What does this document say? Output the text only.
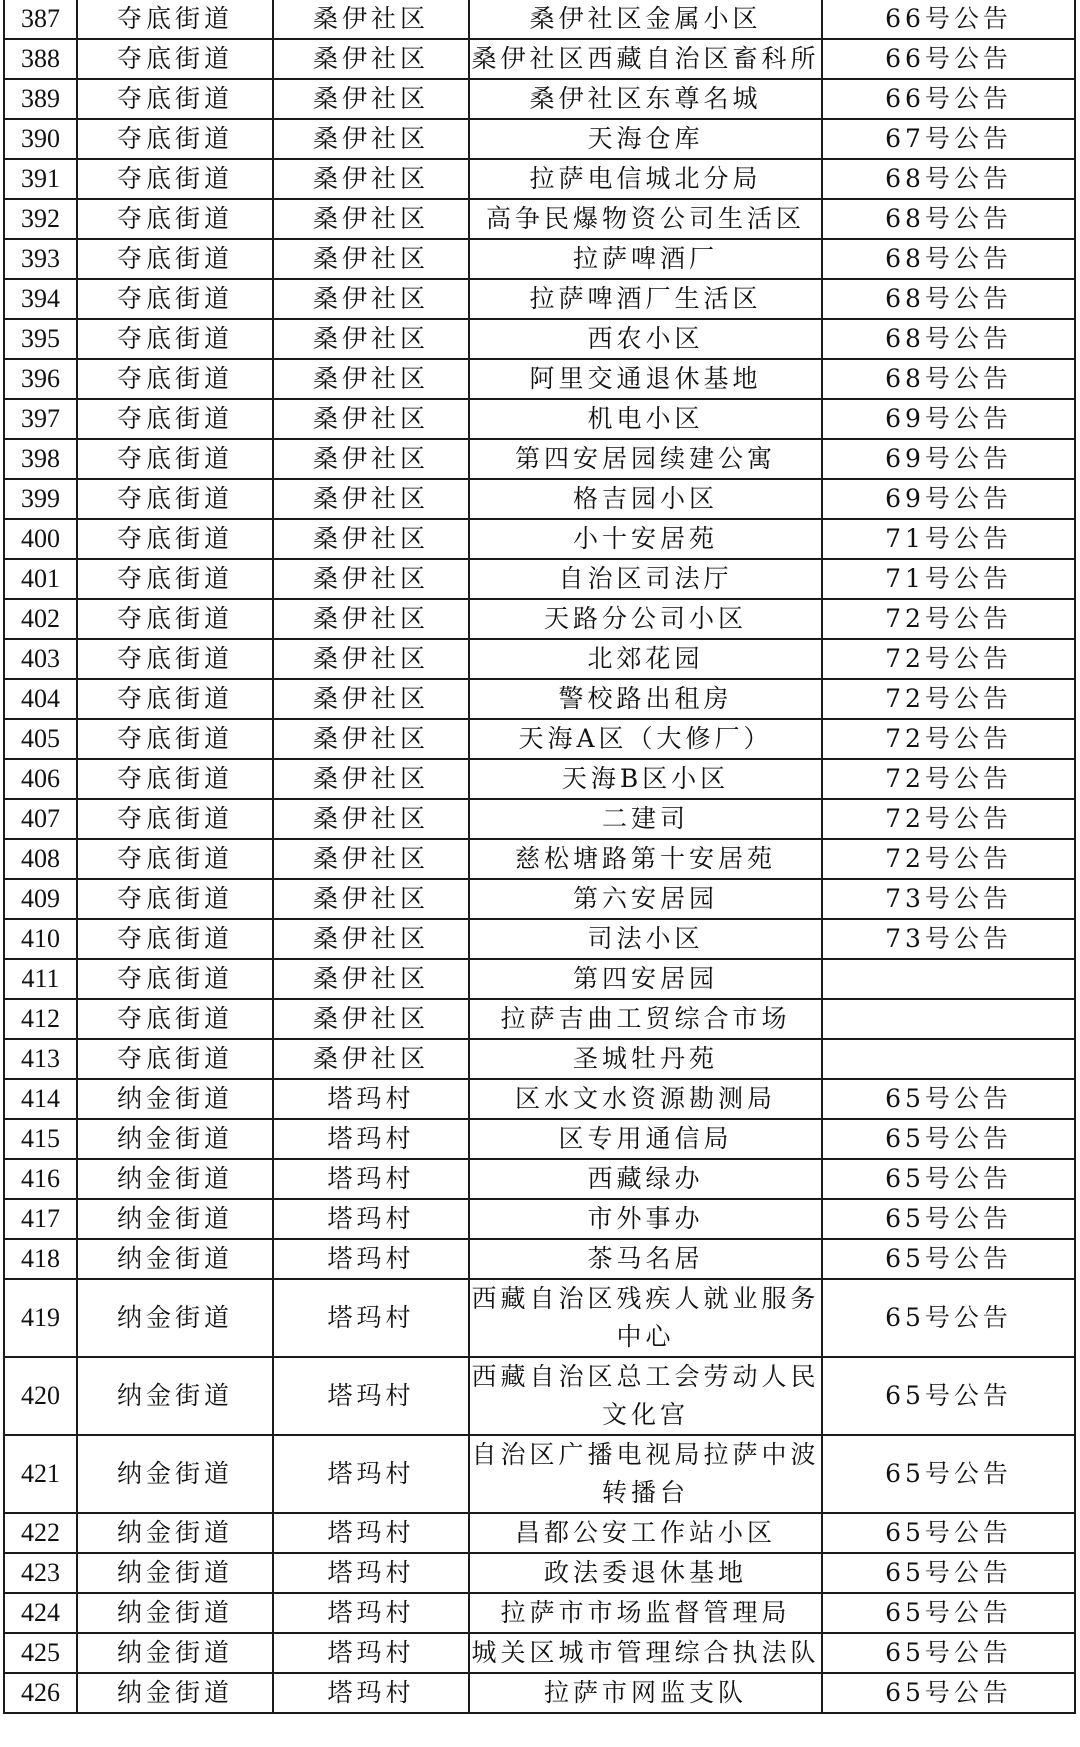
387	夺底街道	桑伊社区	桑伊社区金属小区	66号公告
388	夺底街道	桑伊社区	桑伊社区西藏自治区畜科所	66号公告
389	夺底街道	桑伊社区	桑伊社区东尊名城	66号公告
390	夺底街道	桑伊社区	天海仓库	67号公告
391	夺底街道	桑伊社区	拉萨电信城北分局	68号公告
392	夺底街道	桑伊社区	高争民爆物资公司生活区	68号公告
393	夺底街道	桑伊社区	拉萨啤酒厂	68号公告
394	夺底街道	桑伊社区	拉萨啤酒厂生活区	68号公告
395	夺底街道	桑伊社区	西农小区	68号公告
396	夺底街道	桑伊社区	阿里交通退休基地	68号公告
397	夺底街道	桑伊社区	机电小区	69号公告
398	夺底街道	桑伊社区	第四安居园续建公寓	69号公告
399	夺底街道	桑伊社区	格吉园小区	69号公告
400	夺底街道	桑伊社区	小十安居苑	71号公告
401	夺底街道	桑伊社区	自治区司法厅	71号公告
402	夺底街道	桑伊社区	天路分公司小区	72号公告
403	夺底街道	桑伊社区	北郊花园	72号公告
404	夺底街道	桑伊社区	警校路出租房	72号公告
405	夺底街道	桑伊社区	天海A区（大修厂）	72号公告
406	夺底街道	桑伊社区	天海B区小区	72号公告
407	夺底街道	桑伊社区	二建司	72号公告
408	夺底街道	桑伊社区	慈松塘路第十安居苑	72号公告
409	夺底街道	桑伊社区	第六安居园	73号公告
410	夺底街道	桑伊社区	司法小区	73号公告
411	夺底街道	桑伊社区	第四安居园	
412	夺底街道	桑伊社区	拉萨吉曲工贸综合市场	
413	夺底街道	桑伊社区	圣城牡丹苑	
414	纳金街道	塔玛村	区水文水资源勘测局	65号公告
415	纳金街道	塔玛村	区专用通信局	65号公告
416	纳金街道	塔玛村	西藏绿办	65号公告
417	纳金街道	塔玛村	市外事办	65号公告
418	纳金街道	塔玛村	茶马名居	65号公告
419	纳金街道	塔玛村	西藏自治区残疾人就业服务中心	65号公告
420	纳金街道	塔玛村	西藏自治区总工会劳动人民文化宫	65号公告
421	纳金街道	塔玛村	自治区广播电视局拉萨中波转播台	65号公告
422	纳金街道	塔玛村	昌都公安工作站小区	65号公告
423	纳金街道	塔玛村	政法委退休基地	65号公告
424	纳金街道	塔玛村	拉萨市市场监督管理局	65号公告
425	纳金街道	塔玛村	城关区城市管理综合执法队	65号公告
426	纳金街道	塔玛村	拉萨市网监支队	65号公告
